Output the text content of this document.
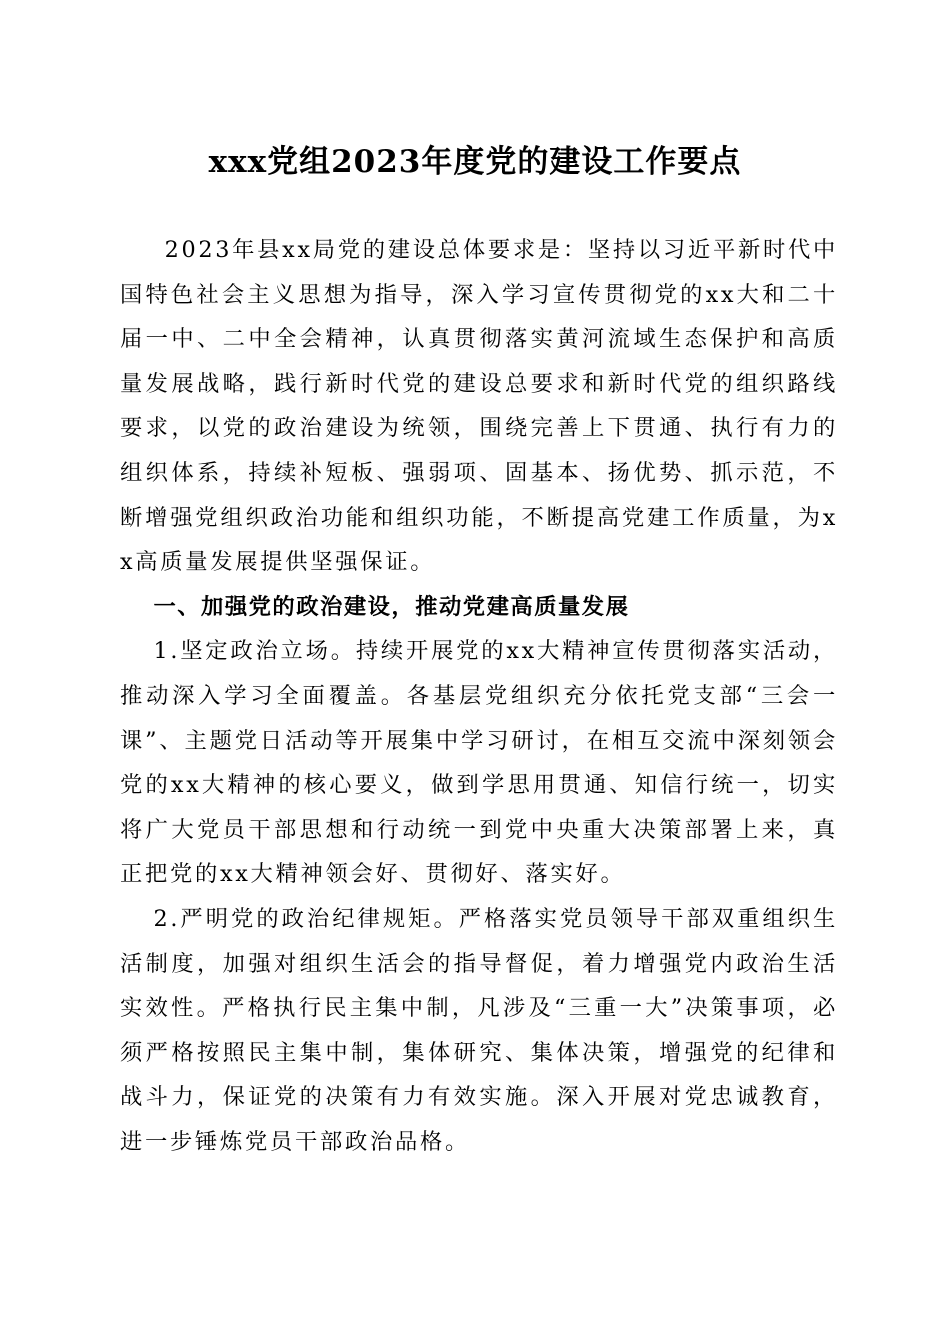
xxx党组2023年度党的建设工作要点

2023年县xx局党的建设总体要求是：坚持以习近平新时代中国特色社会主义思想为指导，深入学习宣传贯彻党的xx大和二十届一中、二中全会精神，认真贯彻落实黄河流域生态保护和高质量发展战略，践行新时代党的建设总要求和新时代党的组织路线要求，以党的政治建设为统领，围绕完善上下贯通、执行有力的组织体系，持续补短板、强弱项、固基本、扬优势、抓示范，不断增强党组织政治功能和组织功能，不断提高党建工作质量，为xx高质量发展提供坚强保证。

一、加强党的政治建设，推动党建高质量发展

1.坚定政治立场。持续开展党的xx大精神宣传贯彻落实活动，推动深入学习全面覆盖。各基层党组织充分依托党支部“三会一课”、主题党日活动等开展集中学习研讨，在相互交流中深刻领会党的xx大精神的核心要义，做到学思用贯通、知信行统一，切实将广大党员干部思想和行动统一到党中央重大决策部署上来，真正把党的xx大精神领会好、贯彻好、落实好。

2.严明党的政治纪律规矩。严格落实党员领导干部双重组织生活制度，加强对组织生活会的指导督促，着力增强党内政治生活实效性。严格执行民主集中制，凡涉及“三重一大”决策事项，必须严格按照民主集中制，集体研究、集体决策，增强党的纪律和战斗力，保证党的决策有力有效实施。深入开展对党忠诚教育，进一步锤炼党员干部政治品格。
